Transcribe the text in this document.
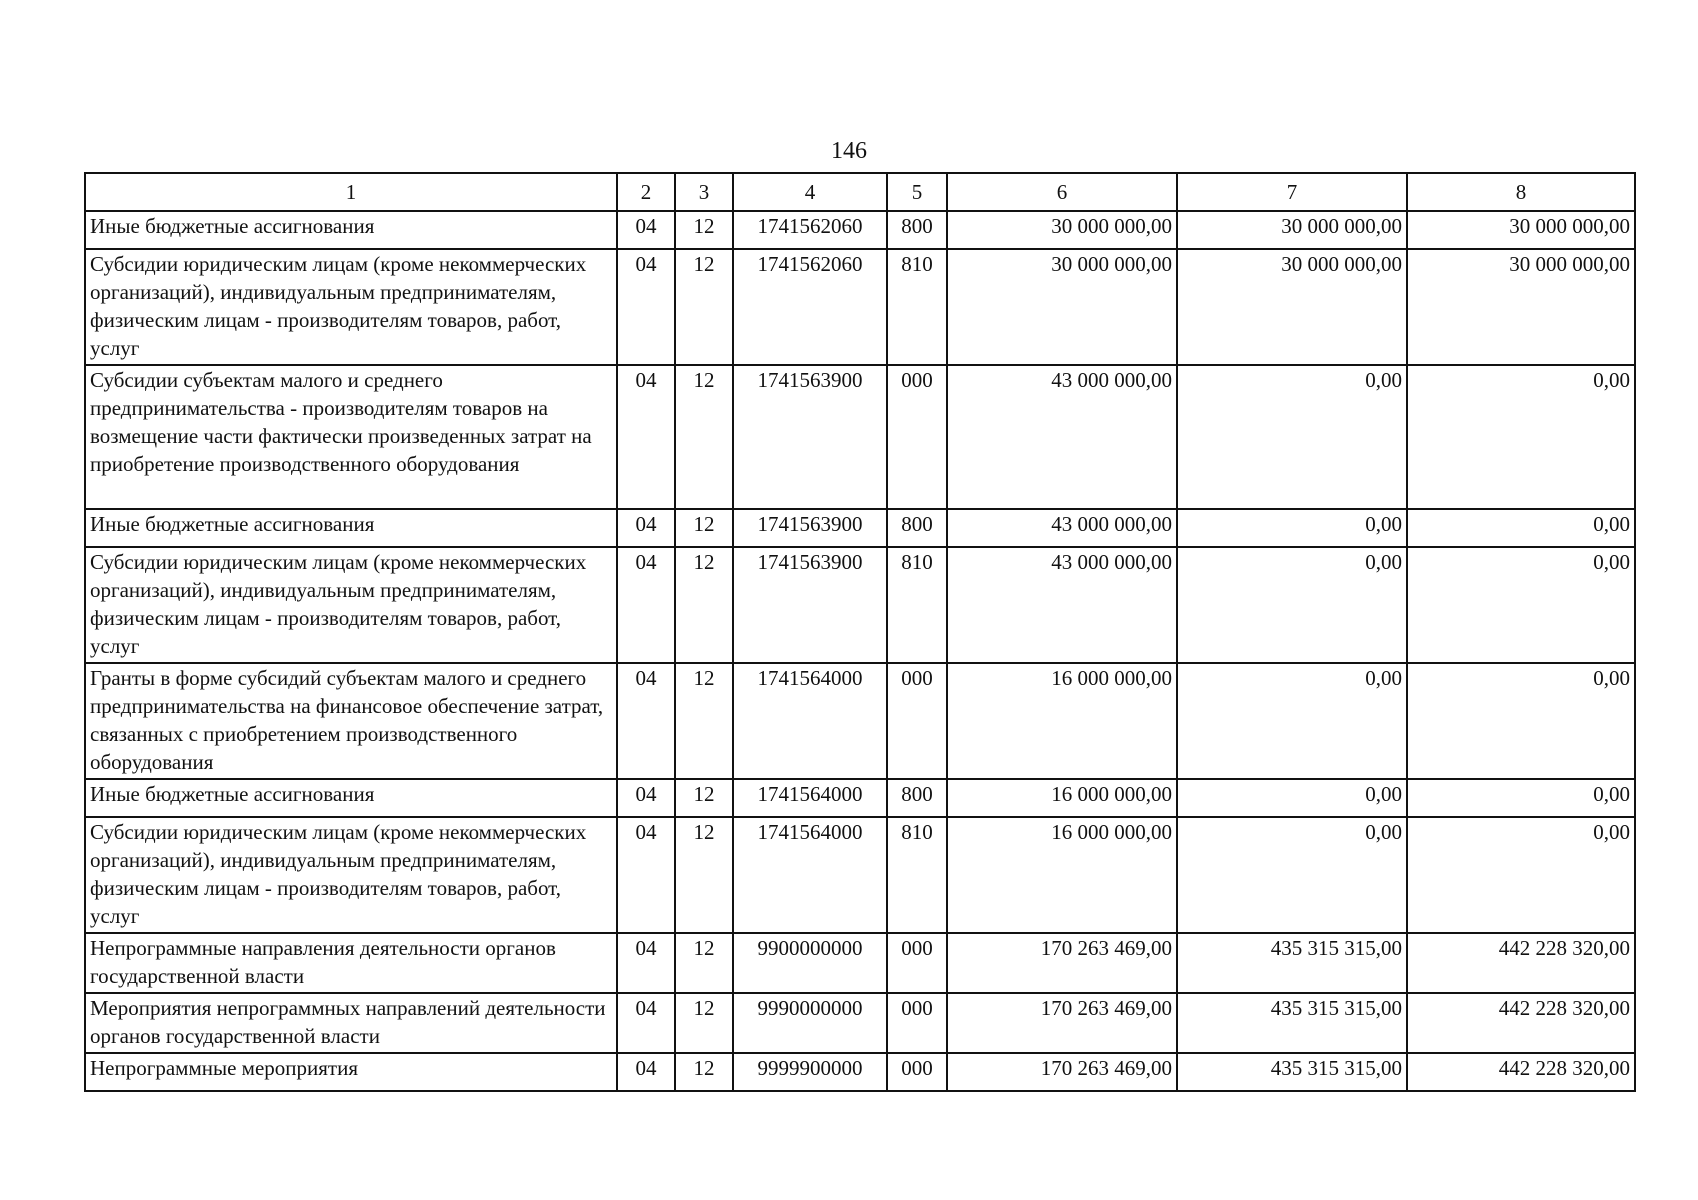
146
1	2	3	4	5	6	7	8
Иные бюджетные ассигнования	04	12	1741562060	800	30 000 000,00	30 000 000,00	30 000 000,00
Субсидии юридическим лицам (кроме некоммерческих организаций), индивидуальным предпринимателям, физическим лицам - производителям товаров, работ, услуг	04	12	1741562060	810	30 000 000,00	30 000 000,00	30 000 000,00
Субсидии субъектам малого и среднего предпринимательства - производителям товаров на возмещение части фактически произведенных затрат на приобретение производственного оборудования	04	12	1741563900	000	43 000 000,00	0,00	0,00
Иные бюджетные ассигнования	04	12	1741563900	800	43 000 000,00	0,00	0,00
Субсидии юридическим лицам (кроме некоммерческих организаций), индивидуальным предпринимателям, физическим лицам - производителям товаров, работ, услуг	04	12	1741563900	810	43 000 000,00	0,00	0,00
Гранты в форме субсидий субъектам малого и среднего предпринимательства на финансовое обеспечение затрат, связанных с приобретением производственного оборудования	04	12	1741564000	000	16 000 000,00	0,00	0,00
Иные бюджетные ассигнования	04	12	1741564000	800	16 000 000,00	0,00	0,00
Субсидии юридическим лицам (кроме некоммерческих организаций), индивидуальным предпринимателям, физическим лицам - производителям товаров, работ, услуг	04	12	1741564000	810	16 000 000,00	0,00	0,00
Непрограммные направления деятельности органов государственной власти	04	12	9900000000	000	170 263 469,00	435 315 315,00	442 228 320,00
Мероприятия непрограммных направлений деятельности органов государственной власти	04	12	9990000000	000	170 263 469,00	435 315 315,00	442 228 320,00
Непрограммные мероприятия	04	12	9999900000	000	170 263 469,00	435 315 315,00	442 228 320,00
